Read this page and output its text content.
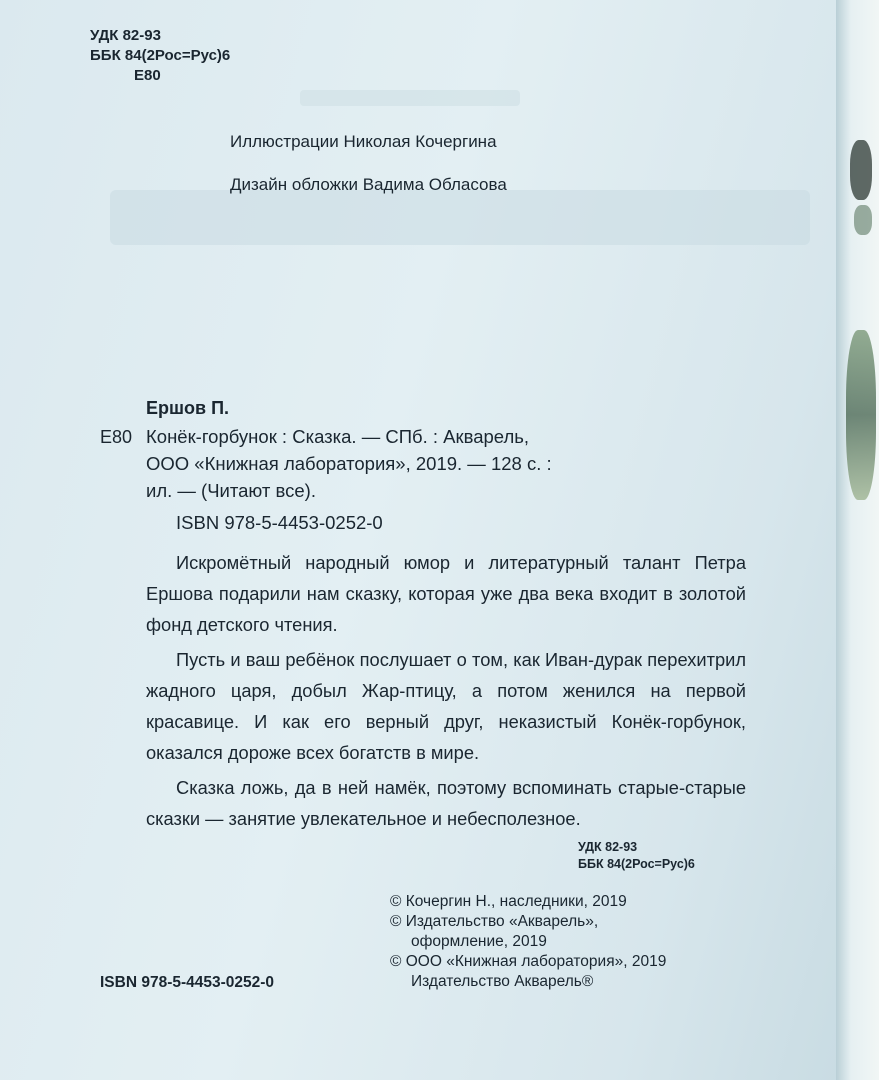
УДК 82-93
ББК 84(2Рос=Рус)6
Е80
Иллюстрации Николая Кочергина
Дизайн обложки Вадима Обласова
Ершов П.
Е80 Конёк-горбунок : Сказка. — СПб. : Акварель,

ООО «Книжная лаборатория», 2019. — 128 с. :

ил. — (Читают все).

ISBN 978-5-4453-0252-0

Искромётный народный юмор и литературный талант Петра Ершова подарили нам сказку, которая уже два века входит в золотой фонд детского чтения.

Пусть и ваш ребёнок послушает о том, как Иван-дурак перехитрил жадного царя, добыл Жар-птицу, а потом женился на первой красавице. И как его верный друг, неказистый Конёк-горбунок, оказался дороже всех богатств в мире.

Сказка ложь, да в ней намёк, поэтому вспоминать старые-старые сказки — занятие увлекательное и небесполезное.

УДК 82-93
ББК 84(2Рос=Рус)6
© Кочергин Н., наследники, 2019
© Издательство «Акварель»,
оформление, 2019
© ООО «Книжная лаборатория», 2019
Издательство Акварель®
ISBN 978-5-4453-0252-0
